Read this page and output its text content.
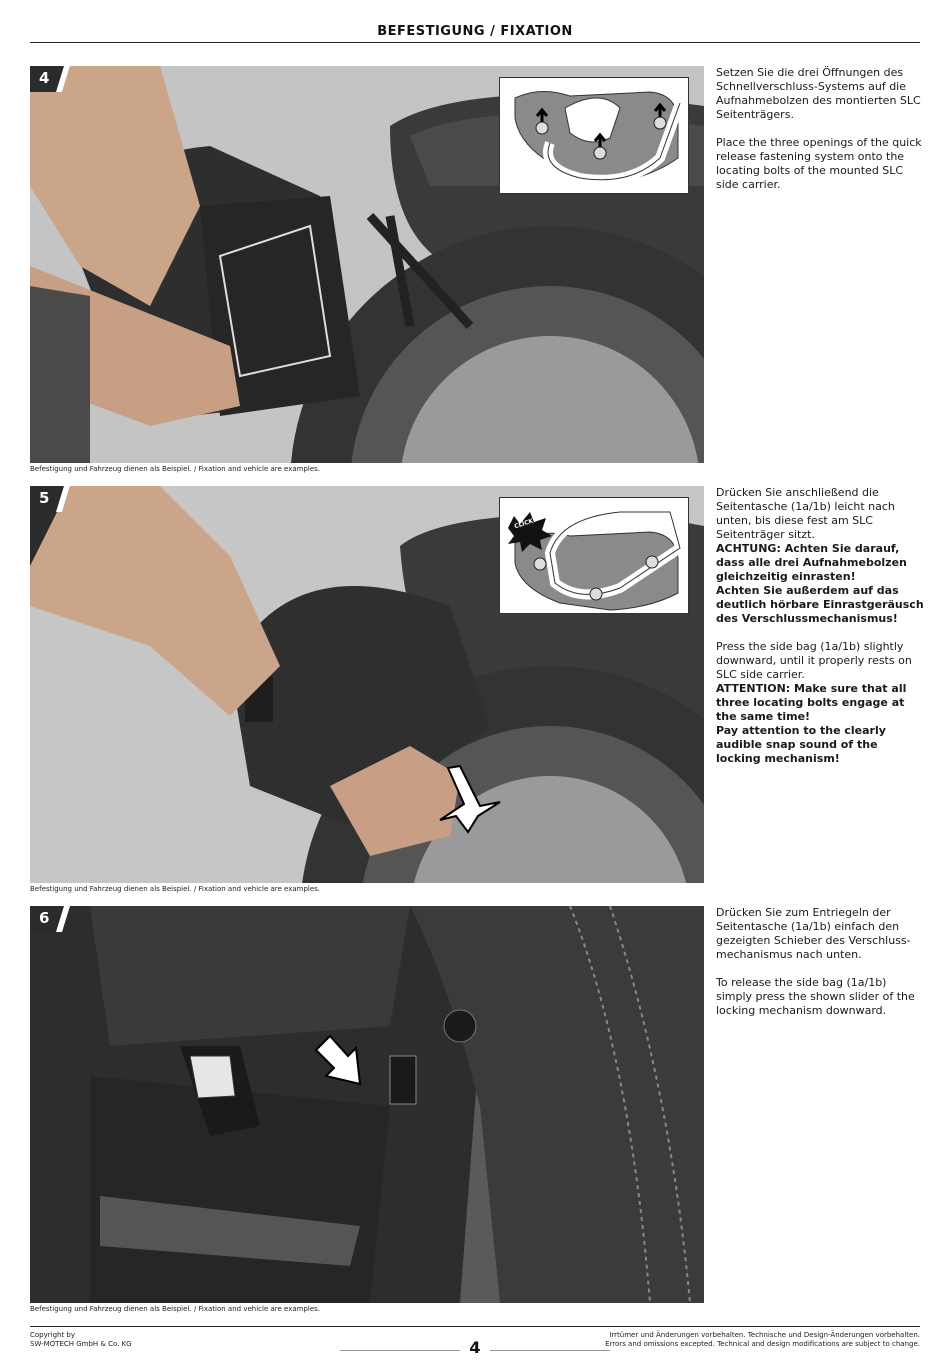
BEFESTIGUNG / FIXATION
4
Befestigung und Fahrzeug dienen als Beispiel. / Fixation and vehicle are examples.

Setzen Sie die drei Öffnungen des Schnellverschluss-Systems auf die Aufnahmebolzen des montierten SLC Seitenträgers.

Place the three openings of the quick release fastening system onto the locating bolts of the mounted SLC side carrier.

5
CLICK!
Befestigung und Fahrzeug dienen als Beispiel. / Fixation and vehicle are examples.

Drücken Sie anschließend die Seitentasche (1a/1b) leicht nach unten, bis diese fest am SLC Seitenträger sitzt.
ACHTUNG: Achten Sie darauf, dass alle drei Aufnahmebolzen gleichzeitig einrasten!
Achten Sie außerdem auf das deutlich hörbare Einrastgeräusch des Verschlussmechanismus!

Press the side bag (1a/1b) slightly downward, until it properly rests on SLC side carrier.
ATTENTION: Make sure that all three locating bolts engage at the same time!
Pay attention to the clearly audible snap sound of the locking mechanism!

6
Befestigung und Fahrzeug dienen als Beispiel. / Fixation and vehicle are examples.

Drücken Sie zum Entriegeln der Seitentasche (1a/1b) einfach den gezeigten Schieber des Verschluss-mechanismus nach unten.

To release the side bag (1a/1b) simply press the shown slider of the locking mechanism downward.

Copyright by
SW-MOTECH GmbH & Co. KG
Irrtümer und Änderungen vorbehalten. Technische und Design-Änderungen vorbehalten.
Errors and omissions excepted. Technical and design modifications are subject to change.
4
